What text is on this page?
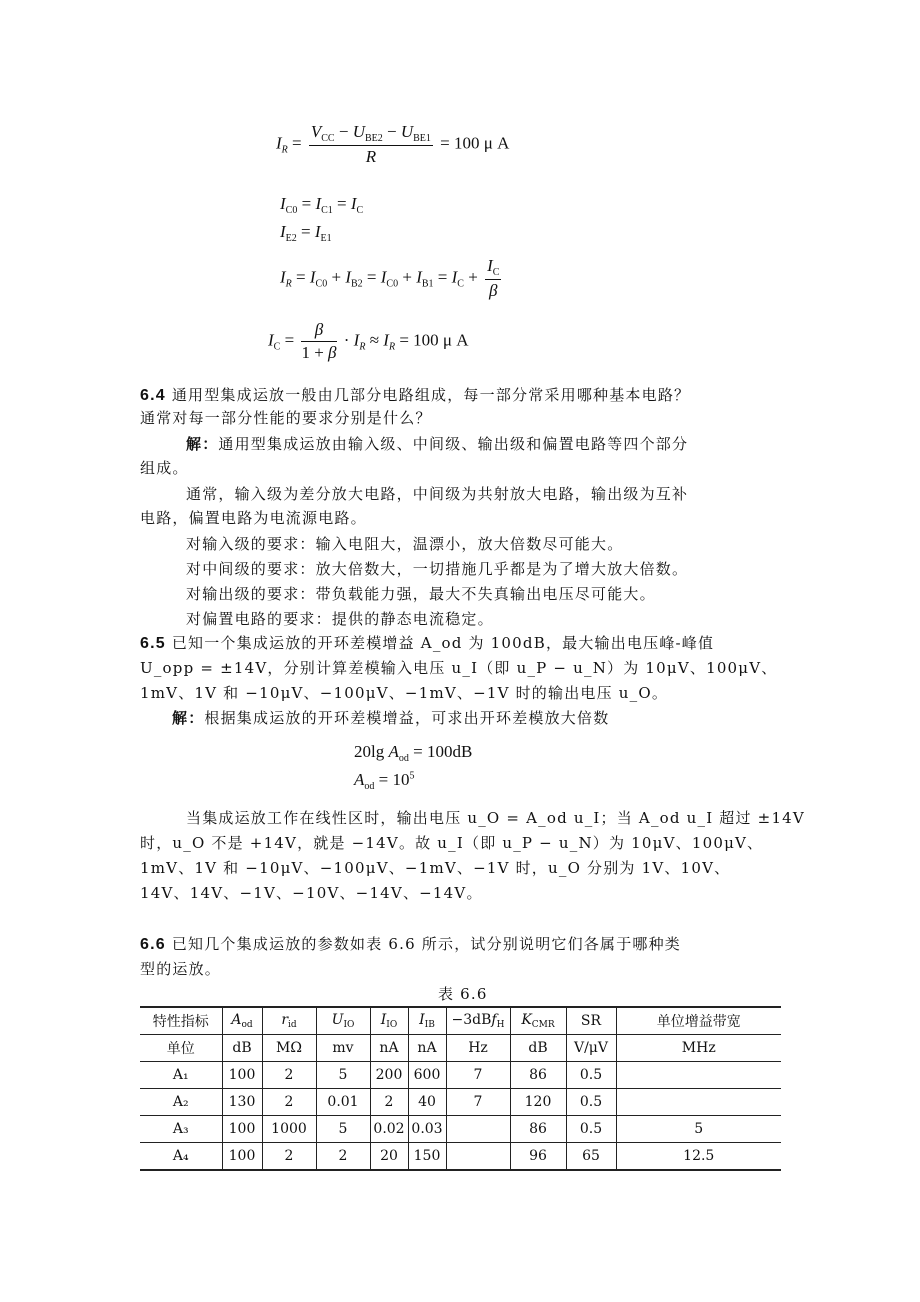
$I_R = \frac{V_{CC} - U_{BE2} - U_{BE1}}{R} = 100$ μ A
$I_{C0} = I_{C1} = I_C$
$I_{E2} = I_{E1}$
$I_R = I_{C0} + I_{B2} = I_{C0} + I_{B1} = I_C + \frac{I_C}{\beta}$
$I_C = \frac{\beta}{1 + \beta} \cdot I_R \approx I_R = 100$ μ A
6.4 通用型集成运放一般由几部分电路组成，每一部分常采用哪种基本电路？
通常对每一部分性能的要求分别是什么？
解：通用型集成运放由输入级、中间级、输出级和偏置电路等四个部分
组成。
通常，输入级为差分放大电路，中间级为共射放大电路，输出级为互补
电路，偏置电路为电流源电路。
对输入级的要求：输入电阻大，温漂小，放大倍数尽可能大。
对中间级的要求：放大倍数大，一切措施几乎都是为了增大放大倍数。
对输出级的要求：带负载能力强，最大不失真输出电压尽可能大。
对偏置电路的要求：提供的静态电流稳定。
6.5 已知一个集成运放的开环差模增益 A_od 为 100dB，最大输出电压峰-峰值
U_opp = ±14V，分别计算差模输入电压 u_I（即 u_P − u_N）为 10μV、100μV、
1mV、1V 和 −10μV、−100μV、−1mV、−1V 时的输出电压 u_O。
解：根据集成运放的开环差模增益，可求出开环差模放大倍数
20lg $A_{od} = 100dB$
$A_{od} = 10^5$
当集成运放工作在线性区时，输出电压 u_O = A_od u_I；当 A_od u_I 超过 ±14V
时，u_O 不是 +14V，就是 −14V。故 u_I（即 u_P − u_N）为 10μV、100μV、
1mV、1V 和 −10μV、−100μV、−1mV、−1V 时，u_O 分别为 1V、10V、
14V、14V、−1V、−10V、−14V、−14V。
6.6 已知几个集成运放的参数如表 6.6 所示，试分别说明它们各属于哪种类
型的运放。
表 6.6
特性指标	$A_{od}$	$r_{id}$	$U_{IO}$	$I_{IO}$	$I_{IB}$	−3dBf$_H$	$K_{CMR}$	SR	单位增益带宽
单位	dB	MΩ	mv	nA	nA	Hz	dB	V/μV	MHz
A₁	100	2	5	200	600	7	86	0.5	
A₂	130	2	0.01	2	40	7	120	0.5	
A₃	100	1000	5	0.02	0.03		86	0.5	5
A₄	100	2	2	20	150		96	65	12.5
